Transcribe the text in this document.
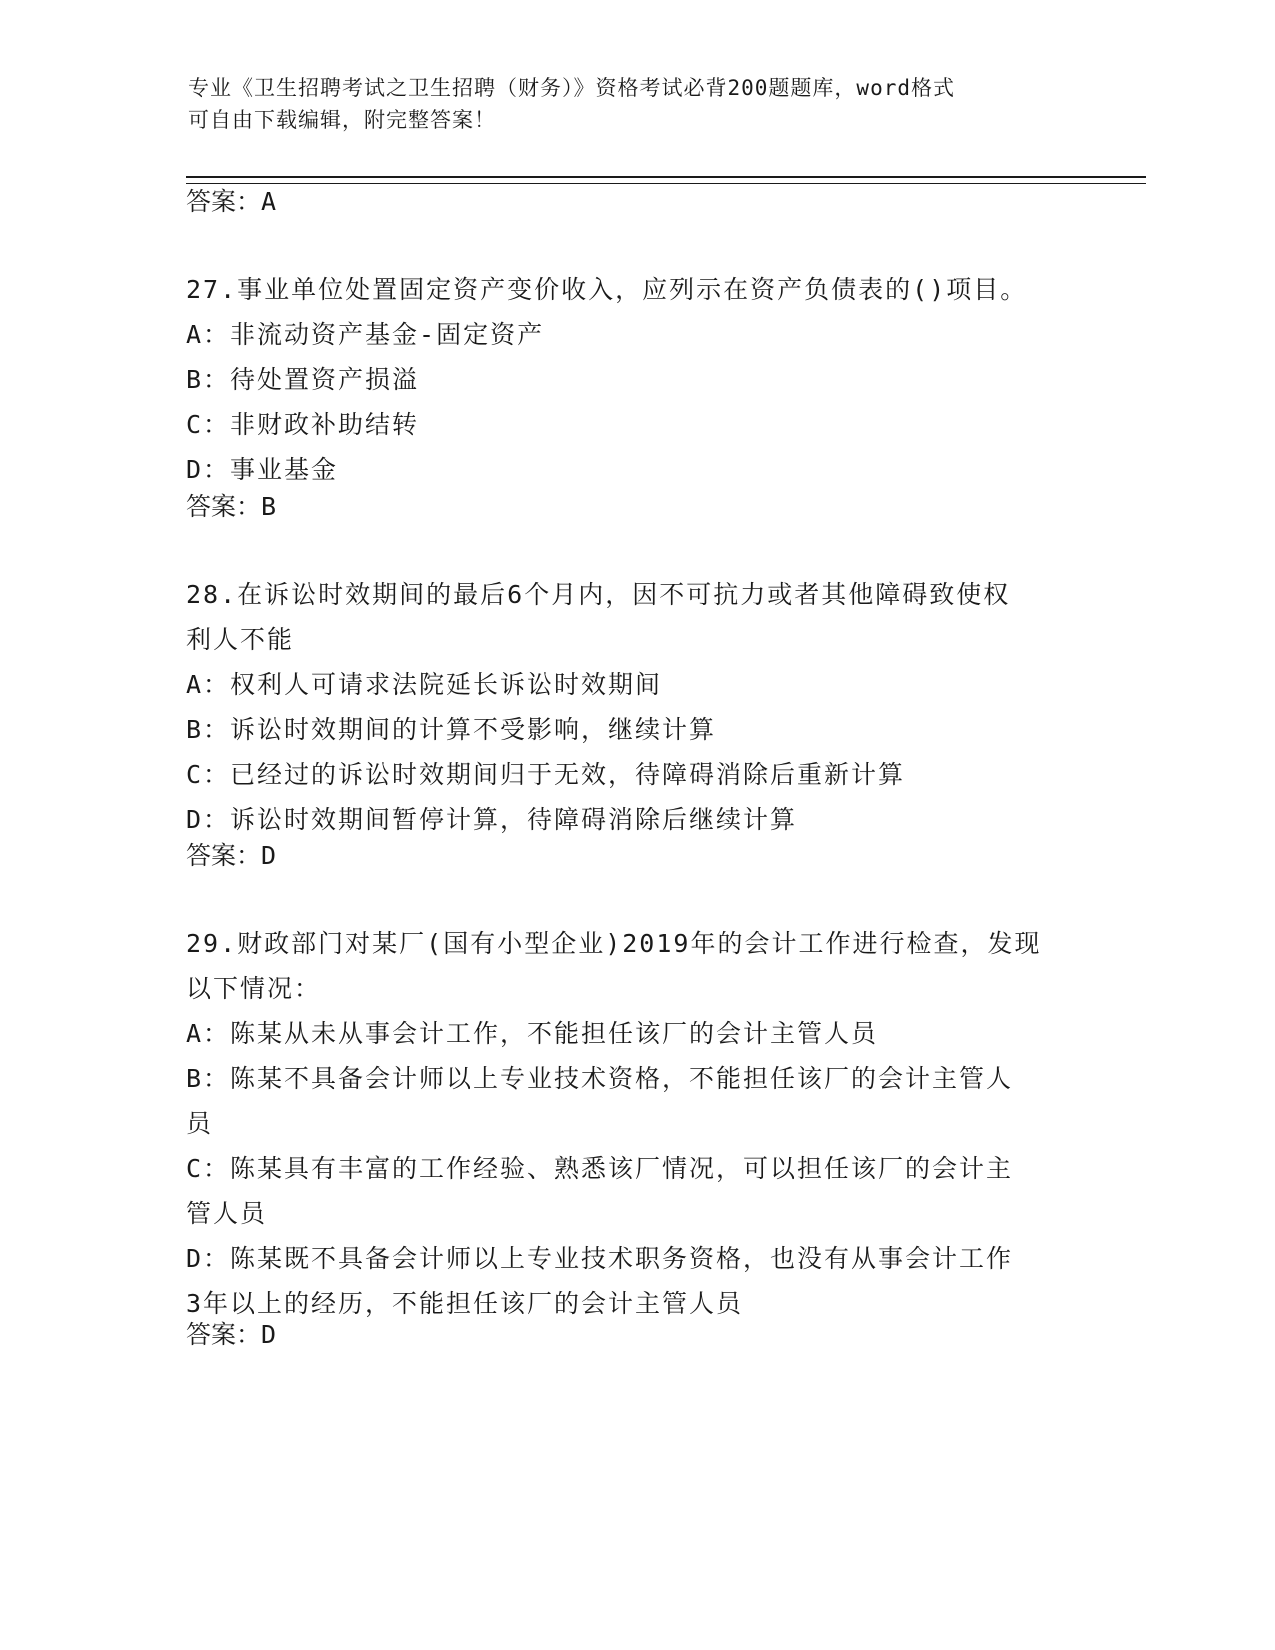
专业《卫生招聘考试之卫生招聘（财务）》资格考试必背200题题库，word格式
可自由下载编辑，附完整答案！
答案：A
27.事业单位处置固定资产变价收入，应列示在资产负债表的()项目。
A：非流动资产基金-固定资产
B：待处置资产损溢
C：非财政补助结转
D：事业基金
答案：B
28.在诉讼时效期间的最后6个月内，因不可抗力或者其他障碍致使权
利人不能
A：权利人可请求法院延长诉讼时效期间
B：诉讼时效期间的计算不受影响，继续计算
C：已经过的诉讼时效期间归于无效，待障碍消除后重新计算
D：诉讼时效期间暂停计算，待障碍消除后继续计算
答案：D
29.财政部门对某厂(国有小型企业)2019年的会计工作进行检查，发现
以下情况：
A：陈某从未从事会计工作，不能担任该厂的会计主管人员
B：陈某不具备会计师以上专业技术资格，不能担任该厂的会计主管人
员
C：陈某具有丰富的工作经验、熟悉该厂情况，可以担任该厂的会计主
管人员
D：陈某既不具备会计师以上专业技术职务资格，也没有从事会计工作
3年以上的经历，不能担任该厂的会计主管人员
答案：D
